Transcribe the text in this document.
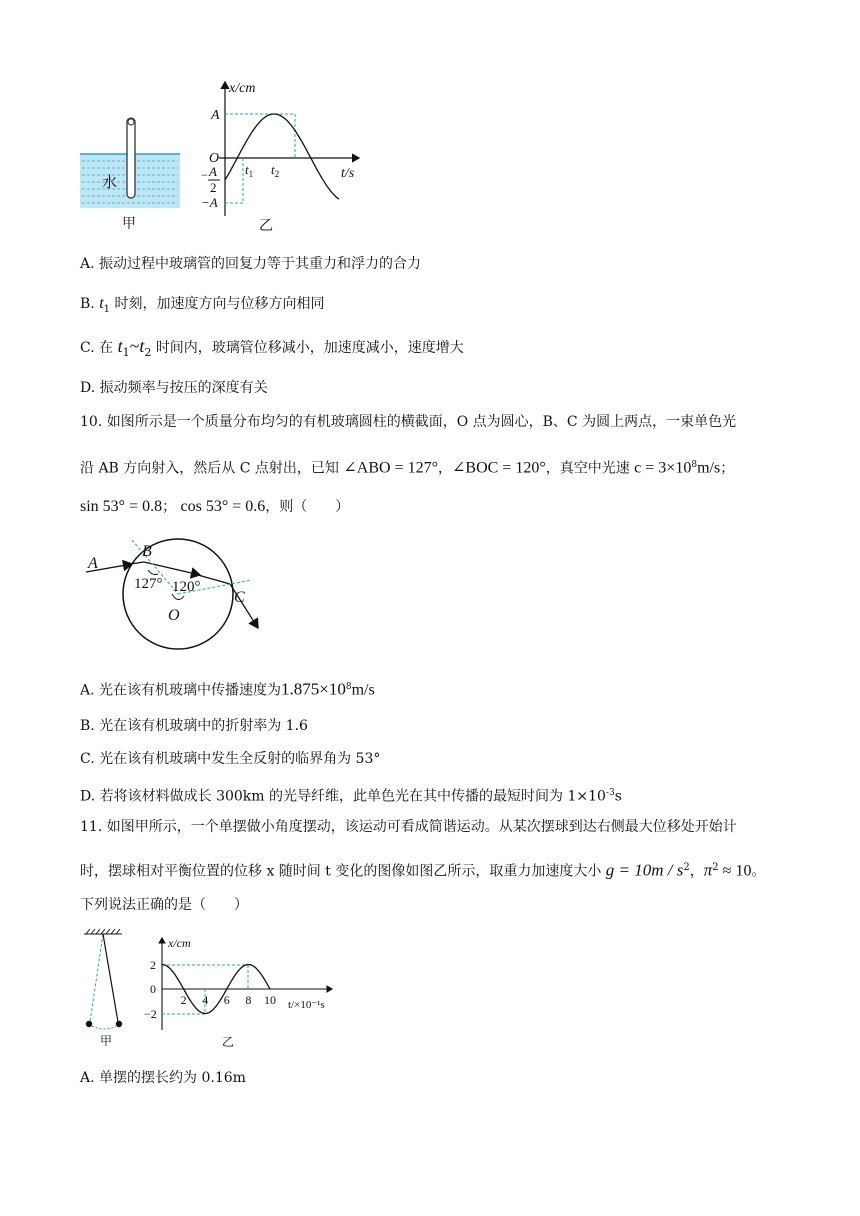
水
甲
x/cm
t/s
O
A
− A
2
−A
$t_1$ $t_2$
乙
A. 振动过程中玻璃管的回复力等于其重力和浮力的合力
B. $t_1$ 时刻，加速度方向与位移方向相同
C. 在 $t_1\sim t_2$ 时间内，玻璃管位移减小，加速度减小，速度增大
D. 振动频率与按压的深度有关
10. 如图所示是一个质量分布均匀的有机玻璃圆柱的横截面，O 点为圆心，B、C 为圆上两点，一束单色光
沿 AB 方向射入，然后从 C 点射出，已知 ∠ABO = 127°，∠BOC = 120°，真空中光速 $c = 3\times 10^8m/s$；
sin 53° = 0.8； cos 53° = 0.6，则（　　）
A
B
C
O
127° 120°
A. 光在该有机玻璃中传播速度为$1.875\times 10^8m/s$
B. 光在该有机玻璃中的折射率为 1.6
C. 光在该有机玻璃中发生全反射的临界角为 53°
D. 若将该材料做成长 300km 的光导纤维，此单色光在其中传播的最短时间为 $1\times 10^{-3}s$
11. 如图甲所示，一个单摆做小角度摆动，该运动可看成简谐运动。从某次摆球到达右侧最大位移处开始计
时，摆球相对平衡位置的位移 x 随时间 t 变化的图像如图乙所示，取重力加速度大小 $g = 10m / s^2$，$\pi^2 \approx 10$。
下列说法正确的是（　　）
甲
x/cm
t/×10⁻¹s
0
2
−2
2 4 6 8 10
乙
A. 单摆的摆长约为 0.16m
